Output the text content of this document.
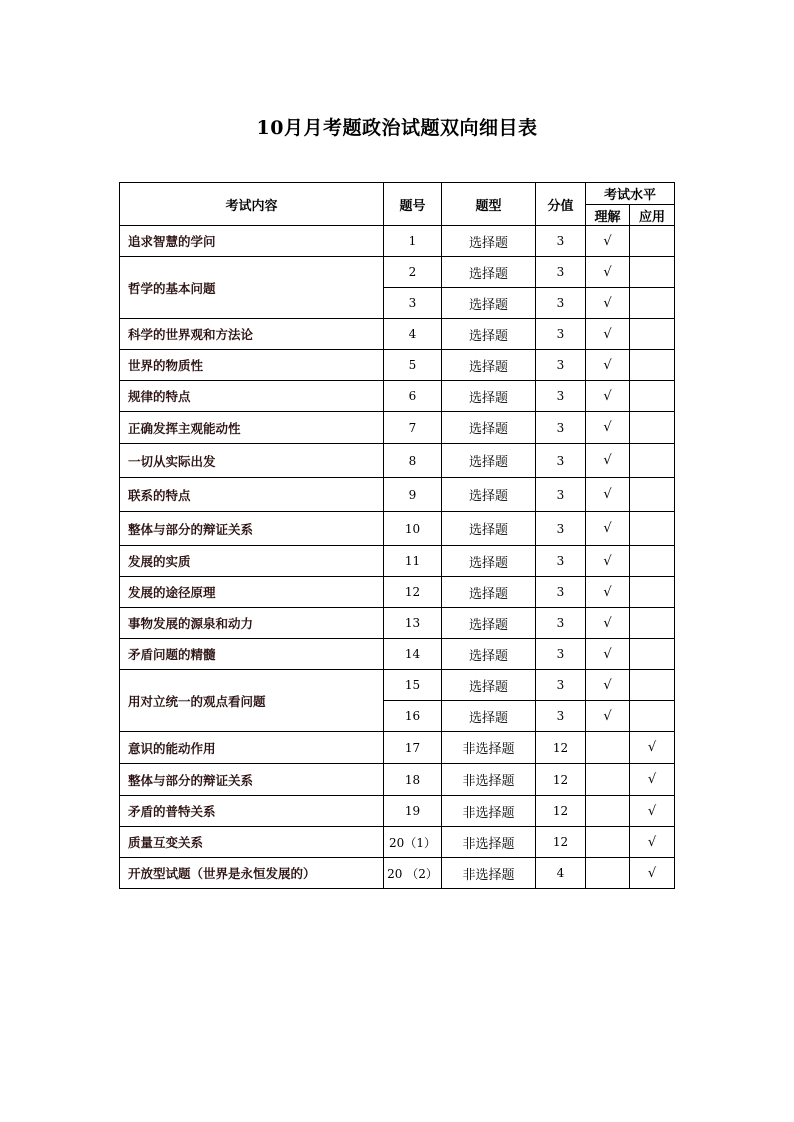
10月月考题政治试题双向细目表
考试内容	题号	题型	分值	考试水平	
				理解	应用
追求智慧的学问	1	选择题	3	√	
哲学的基本问题	2	选择题	3	√	
	3	选择题	3	√	
科学的世界观和方法论	4	选择题	3	√	
世界的物质性	5	选择题	3	√	
规律的特点	6	选择题	3	√	
正确发挥主观能动性	7	选择题	3	√	
一切从实际出发	8	选择题	3	√	
联系的特点	9	选择题	3	√	
整体与部分的辩证关系	10	选择题	3	√	
发展的实质	11	选择题	3	√	
发展的途径原理	12	选择题	3	√	
事物发展的源泉和动力	13	选择题	3	√	
矛盾问题的精髓	14	选择题	3	√	
用对立统一的观点看问题	15	选择题	3	√	
	16	选择题	3	√	
意识的能动作用	17	非选择题	12		√
整体与部分的辩证关系	18	非选择题	12		√
矛盾的普特关系	19	非选择题	12		√
质量互变关系	20（1）	非选择题	12		√
开放型试题（世界是永恒发展的）	20 （2）	非选择题	4		√
